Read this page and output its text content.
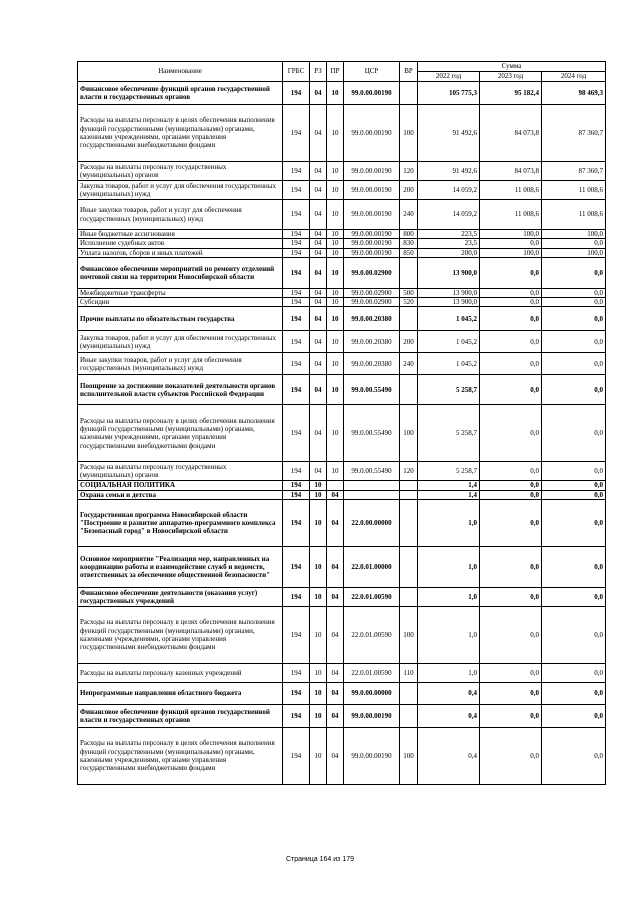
Наименование	ГРБС	РЗ	ПР	ЦСР	ВР	Сумма		
						2022 год	2023 год	2024 год
Финансовое обеспечение функций органов государственной власти и государственных органов	194	04	10	99.0.00.00190		105 775,3	95 182,4	98 469,3
Расходы на выплаты персоналу в целях обеспечения выполнения функций государственными (муниципальными) органами, казенными учреждениями, органами управления государственными внебюджетными фондами	194	04	10	99.0.00.00190	100	91 492,6	84 073,8	87 360,7
Расходы на выплаты персоналу государственных (муниципальных) органов	194	04	10	99.0.00.00190	120	91 492,6	84 073,8	87 360,7
Закупка товаров, работ и услуг для обеспечения государственных (муниципальных) нужд	194	04	10	99.0.00.00190	200	14 059,2	11 008,6	11 008,6
Иные закупки товаров, работ и услуг для обеспечения государственных (муниципальных) нужд	194	04	10	99.0.00.00190	240	14 059,2	11 008,6	11 008,6
Иные бюджетные ассигнования	194	04	10	99.0.00.00190	800	223,5	100,0	100,0
Исполнение судебных актов	194	04	10	99.0.00.00190	830	23,5	0,0	0,0
Уплата налогов, сборов и иных платежей	194	04	10	99.0.00.00190	850	200,0	100,0	100,0
Финансовое обеспечение мероприятий по ремонту отделений почтовой связи на территории Новосибирской области	194	04	10	99.0.00.02900		13 900,0	0,0	0,0
Межбюджетные трансферты	194	04	10	99.0.00.02900	500	13 900,0	0,0	0,0
Субсидии	194	04	10	99.0.00.02900	520	13 900,0	0,0	0,0
Прочие выплаты по обязательствам государства	194	04	10	99.0.00.20380		1 045,2	0,0	0,0
Закупка товаров, работ и услуг для обеспечения государственных (муниципальных) нужд	194	04	10	99.0.00.20380	200	1 045,2	0,0	0,0
Иные закупки товаров, работ и услуг для обеспечения государственных (муниципальных) нужд	194	04	10	99.0.00.20380	240	1 045,2	0,0	0,0
Поощрение за достижение показателей деятельности органов исполнительной власти субъектов Российской Федерации	194	04	10	99.0.00.55490		5 258,7	0,0	0,0
Расходы на выплаты персоналу в целях обеспечения выполнения функций государственными (муниципальными) органами, казенными учреждениями, органами управления государственными внебюджетными фондами	194	04	10	99.0.00.55490	100	5 258,7	0,0	0,0
Расходы на выплаты персоналу государственных (муниципальных) органов	194	04	10	99.0.00.55490	120	5 258,7	0,0	0,0
СОЦИАЛЬНАЯ ПОЛИТИКА	194	10				1,4	0,0	0,0
Охрана семьи и детства	194	10	04			1,4	0,0	0,0
Государственная программа Новосибирской области "Построение и развитие аппаратно-программного комплекса "Безопасный город" в Новосибирской области	194	10	04	22.0.00.00000		1,0	0,0	0,0
Основное мероприятие "Реализация мер, направленных на координацию работы и взаимодействие служб и ведомств, ответственных за обеспечение общественной безопасности"	194	10	04	22.0.01.00000		1,0	0,0	0,0
Финансовое обеспечение деятельности (оказания услуг) государственных учреждений	194	10	04	22.0.01.00590		1,0	0,0	0,0
Расходы на выплаты персоналу в целях обеспечения выполнения функций государственными (муниципальными) органами, казенными учреждениями, органами управления государственными внебюджетными фондами	194	10	04	22.0.01.00590	100	1,0	0,0	0,0
Расходы на выплаты персоналу казенных учреждений	194	10	04	22.0.01.00590	110	1,0	0,0	0,0
Непрограммные направления областного бюджета	194	10	04	99.0.00.00000		0,4	0,0	0,0
Финансовое обеспечение функций органов государственной власти и государственных органов	194	10	04	99.0.00.00190		0,4	0,0	0,0
Расходы на выплаты персоналу в целях обеспечения выполнения функций государственными (муниципальными) органами, казенными учреждениями, органами управления государственными внебюджетными фондами	194	10	04	99.0.00.00190	100	0,4	0,0	0,0
Страница 164 из 179
